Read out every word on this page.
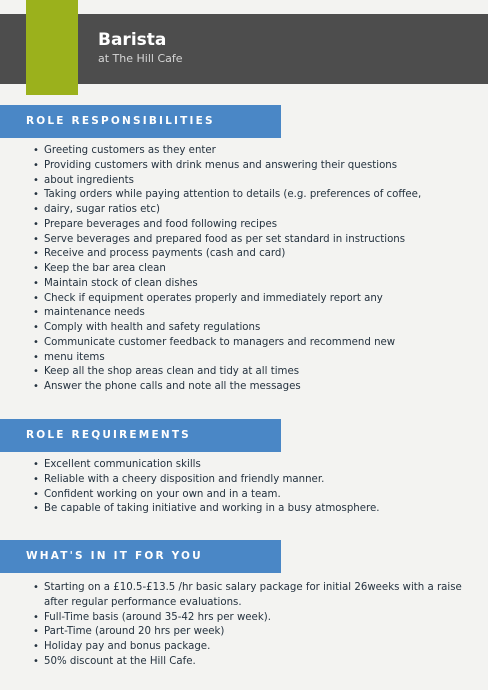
Barista
at The Hill Cafe
ROLE RESPONSIBILITIES
• Greeting customers as they enter
• Providing customers with drink menus and answering their questions
• about ingredients
• Taking orders while paying attention to details (e.g. preferences of coffee,
• dairy, sugar ratios etc)
• Prepare beverages and food following recipes
• Serve beverages and prepared food as per set standard in instructions
• Receive and process payments (cash and card)
• Keep the bar area clean
• Maintain stock of clean dishes
• Check if equipment operates properly and immediately report any
• maintenance needs
• Comply with health and safety regulations
• Communicate customer feedback to managers and recommend new
• menu items
• Keep all the shop areas clean and tidy at all times
• Answer the phone calls and note all the messages
ROLE REQUIREMENTS
• Excellent communication skills
• Reliable with a cheery disposition and friendly manner.
• Confident working on your own and in a team.
• Be capable of taking initiative and working in a busy atmosphere.
WHAT'S IN IT FOR YOU
• Starting on a £10.5-£13.5 /hr basic salary package for initial 26weeks with a raise after regular performance evaluations.
• Full-Time basis (around 35-42 hrs per week).
• Part-Time (around 20 hrs per week)
• Holiday pay and bonus package.
• 50% discount at the Hill Cafe.
